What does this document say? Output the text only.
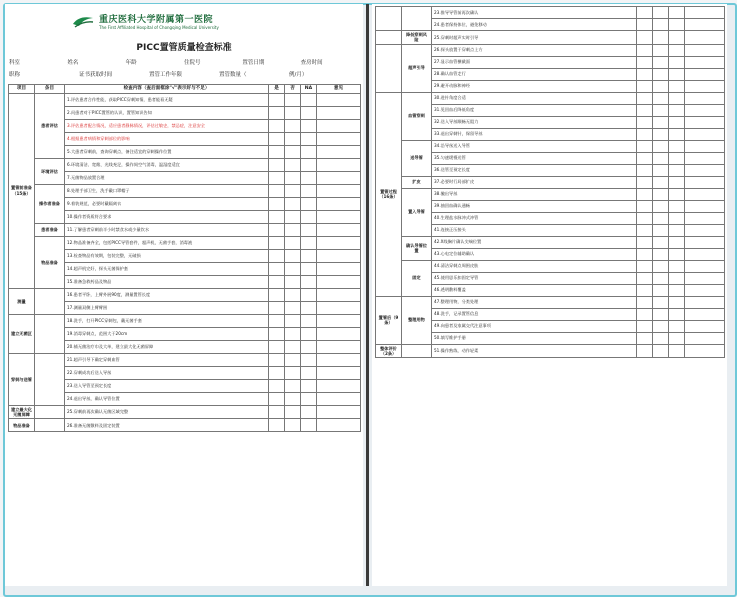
重庆医科大学附属第一医院
The First Affiliated Hospital of Chongqing Medical University
PICC置管质量检查标准
科室	姓名	年龄	住院号	置管日期	查房时间
职称	证书获取时间	置管工作年限	置管数量（	例/月）
项目	条目	检查内容（查后面框涂"√"表示好与不足）	是	否	NA	意见
置管前准备（15条）	患者评估	1.评估患者合作性能，获取PICC穿刺知情，患者能看无疑				
		2.问患者对于PICC置管的认识，置管知识告知				
		3.评估患者配合情况，适应患者静脉情况，评估过敏史，禁忌症，注意安全				
		4.根据患者病情和穿刺部位的影响				
		5.大患者穿刺前，查询穿刺点，备注适宜的穿刺操作位置				
	环境评估	6.环境清洁、宽敞、光线充足，操作间空气消毒，温湿度适宜				
		7.无菌物品放置合理				
	操作者准备	8.处理手部卫生，洗手戴口罩帽子				
		9.着装规范，必要时戴隔离衣				
		10.操作者资质符合要求				
	患者准备	11.了解患者穿刺前半小时禁食水或少量饮水				
	物品准备	12.物品准备齐全，包括PICC导管套件，超声机，无菌手套，消毒液				
		13.检查物品有效期，包装完整，无破损				
		14.超声机完好，探头无菌保护套				
		15.准备急救药品及物品				
测量		16.患者平卧，上臂外展90度，测量置管长度				
		17.测量双侧上臂臂围				
建立无菌区		18.洗手，打开PICC穿刺包，戴无菌手套				
		19.消毒穿刺点，范围大于20cm				
		20.铺无菌治疗巾及大单，建立最大化无菌屏障				
穿刺与送管		21.超声引导下确定穿刺血管				
		22.穿刺成功后送入导丝				
		23.送入导管至预定长度				
		24.退出导丝，确认导管位置				
建立最大化无菌屏障		25.穿刺前再次确认无菌区域完整				
物品准备		26.准备无菌敷料及固定装置				
		23.推导导管前再次确认				
		24.患者保持体位，避免移动				
	降低穿刺风险	25.穿刺时超声实时引导				
	超声引导	26.探头放置于穿刺点上方				
		27.显示血管横截面				
		28.确认血管走行				
		29.避开动脉和神经				
置管过程（16条）	血管穿刺	30.进针角度合适				
		31.见回血后降低角度				
		32.送入导丝顺畅无阻力				
		33.退出穿刺针，保留导丝				
	送导管	34.沿导丝送入导管				
		35.匀速缓慢送管				
		36.送管至预定长度				
	扩皮	37.必要时行局部扩皮				
	置入导管	38.撤出导丝				
		39.抽回血确认通畅				
		40.生理盐水脉冲式冲管				
		41.连接正压接头				
	确认导管位置	42.X线胸片确认尖端位置				
		43.心电定位辅助确认				
	固定	44.清洁穿刺点周围皮肤				
		45.使用思乐扣固定导管				
		46.透明敷料覆盖				
置管后（9条）	整理用物	47.整理用物，分类处理				
		48.洗手，记录置管信息				
		49.向患者及家属交代注意事项				
		50.填写维护手册				
整体评价（2条）		51.操作熟练，动作轻柔				
